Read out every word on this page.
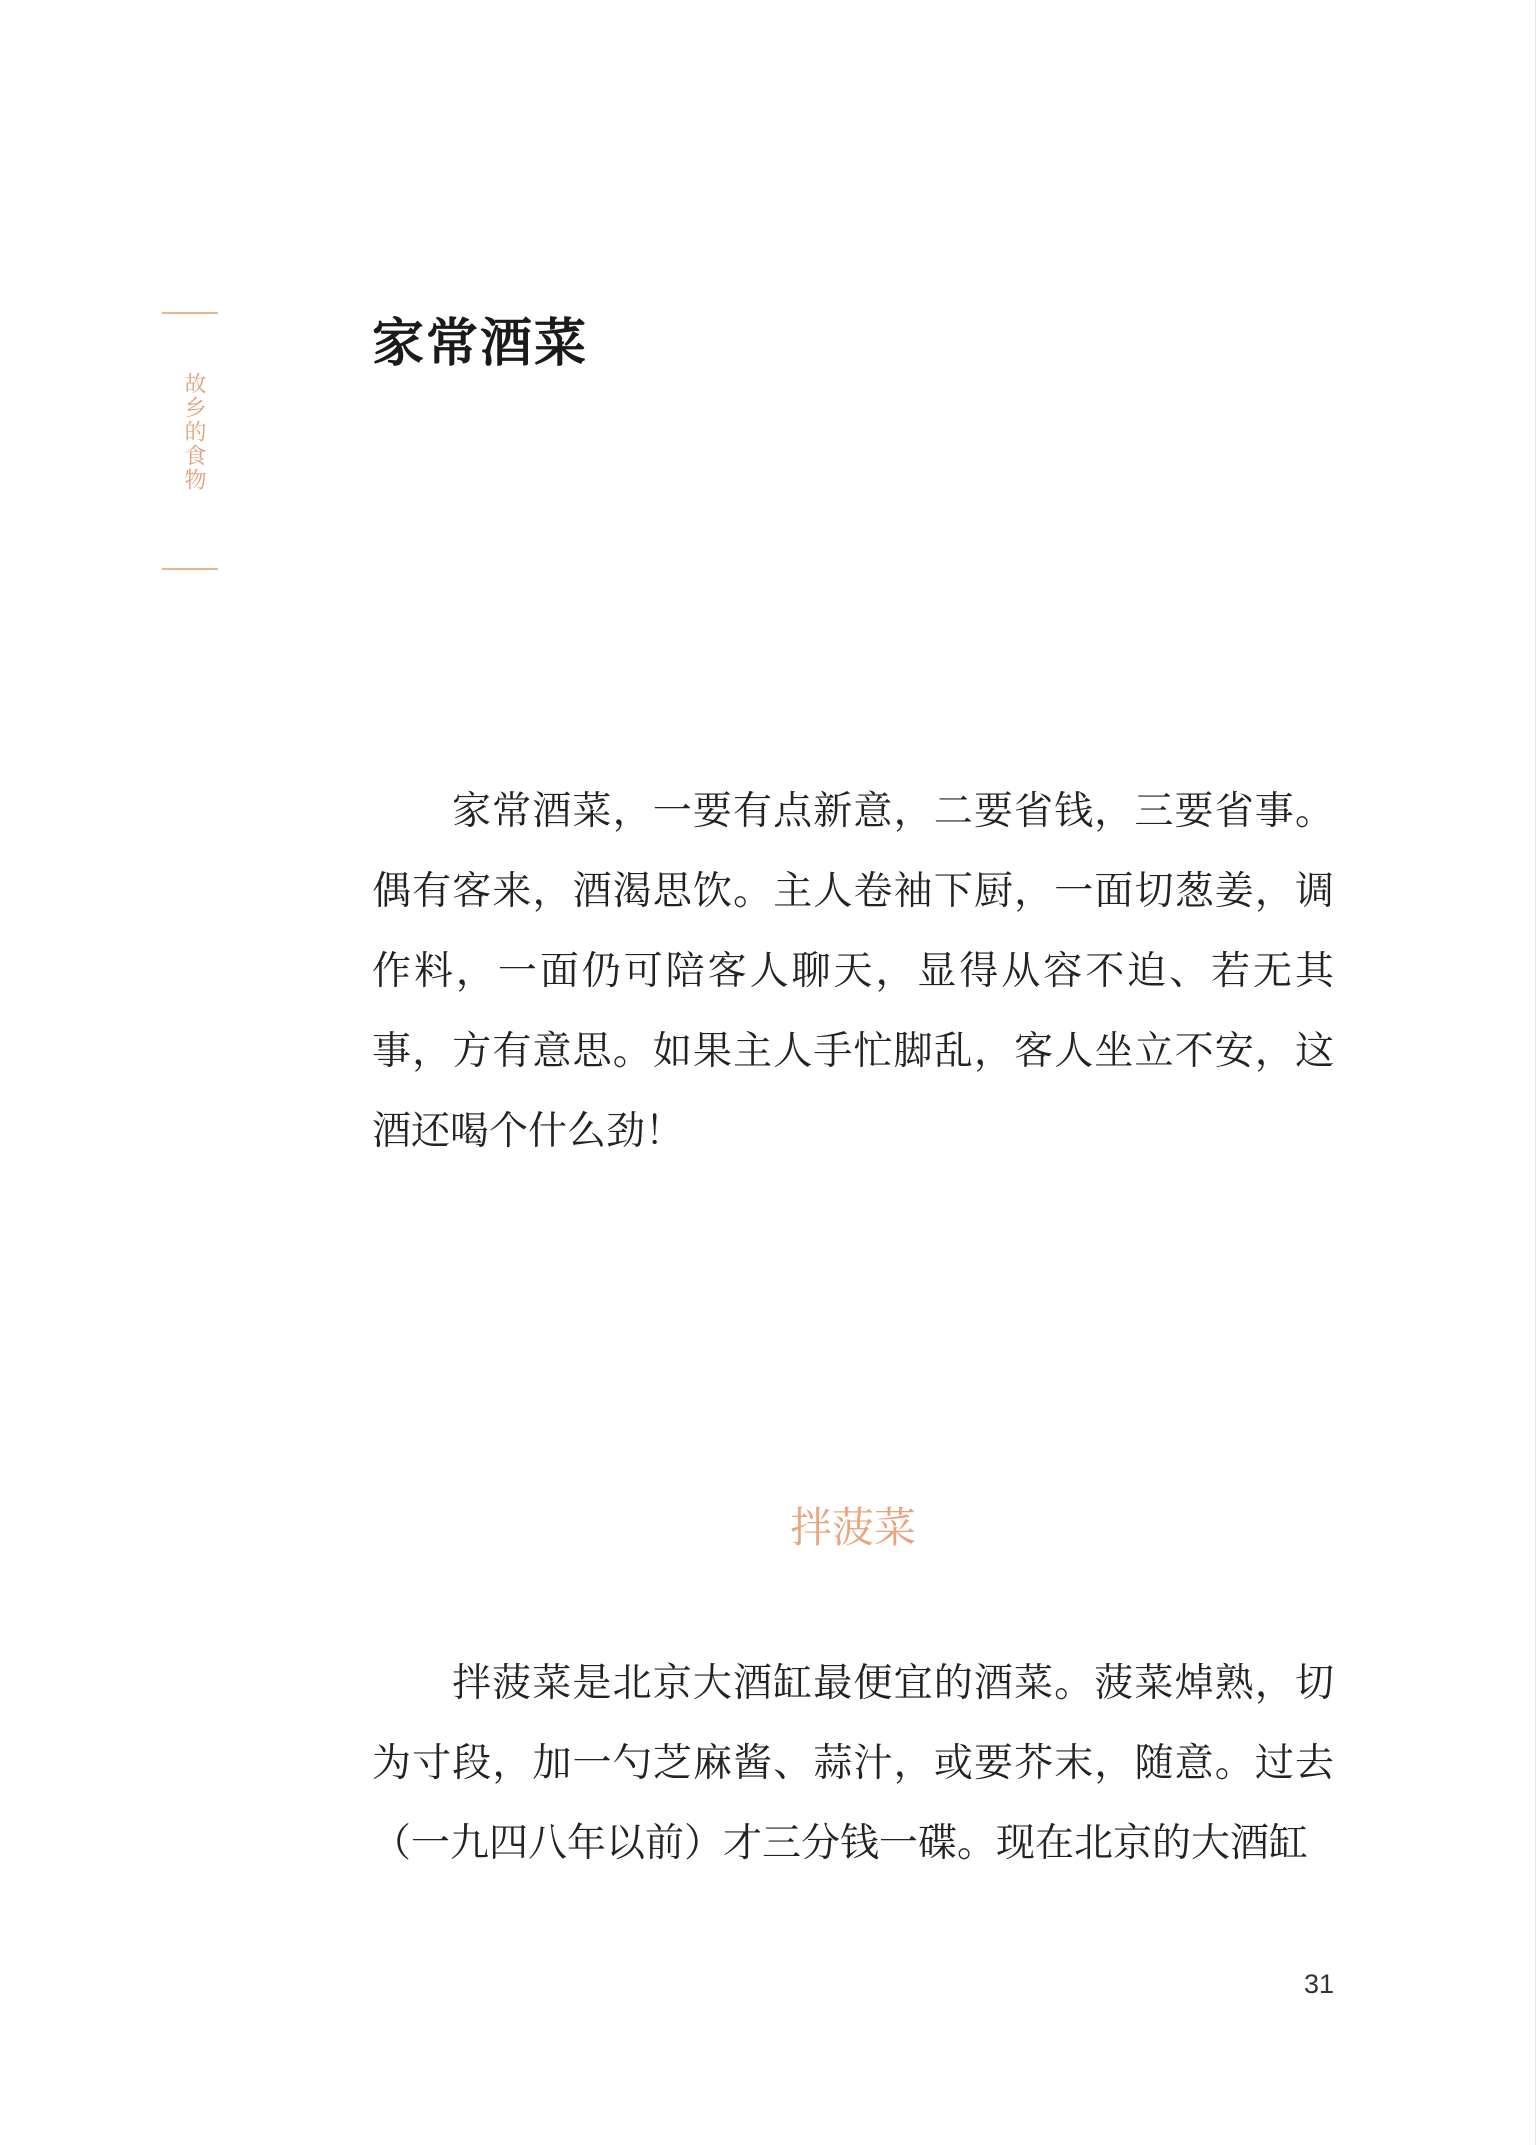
故乡的食物
家常酒菜

家常酒菜，一要有点新意，二要省钱，三要省事。偶有客来，酒渴思饮。主人卷袖下厨，一面切葱姜，调作料，一面仍可陪客人聊天，显得从容不迫、若无其事，方有意思。如果主人手忙脚乱，客人坐立不安，这酒还喝个什么劲！

拌菠菜

拌菠菜是北京大酒缸最便宜的酒菜。菠菜焯熟，切为寸段，加一勺芝麻酱、蒜汁，或要芥末，随意。过去（一九四八年以前）才三分钱一碟。现在北京的大酒缸

31
